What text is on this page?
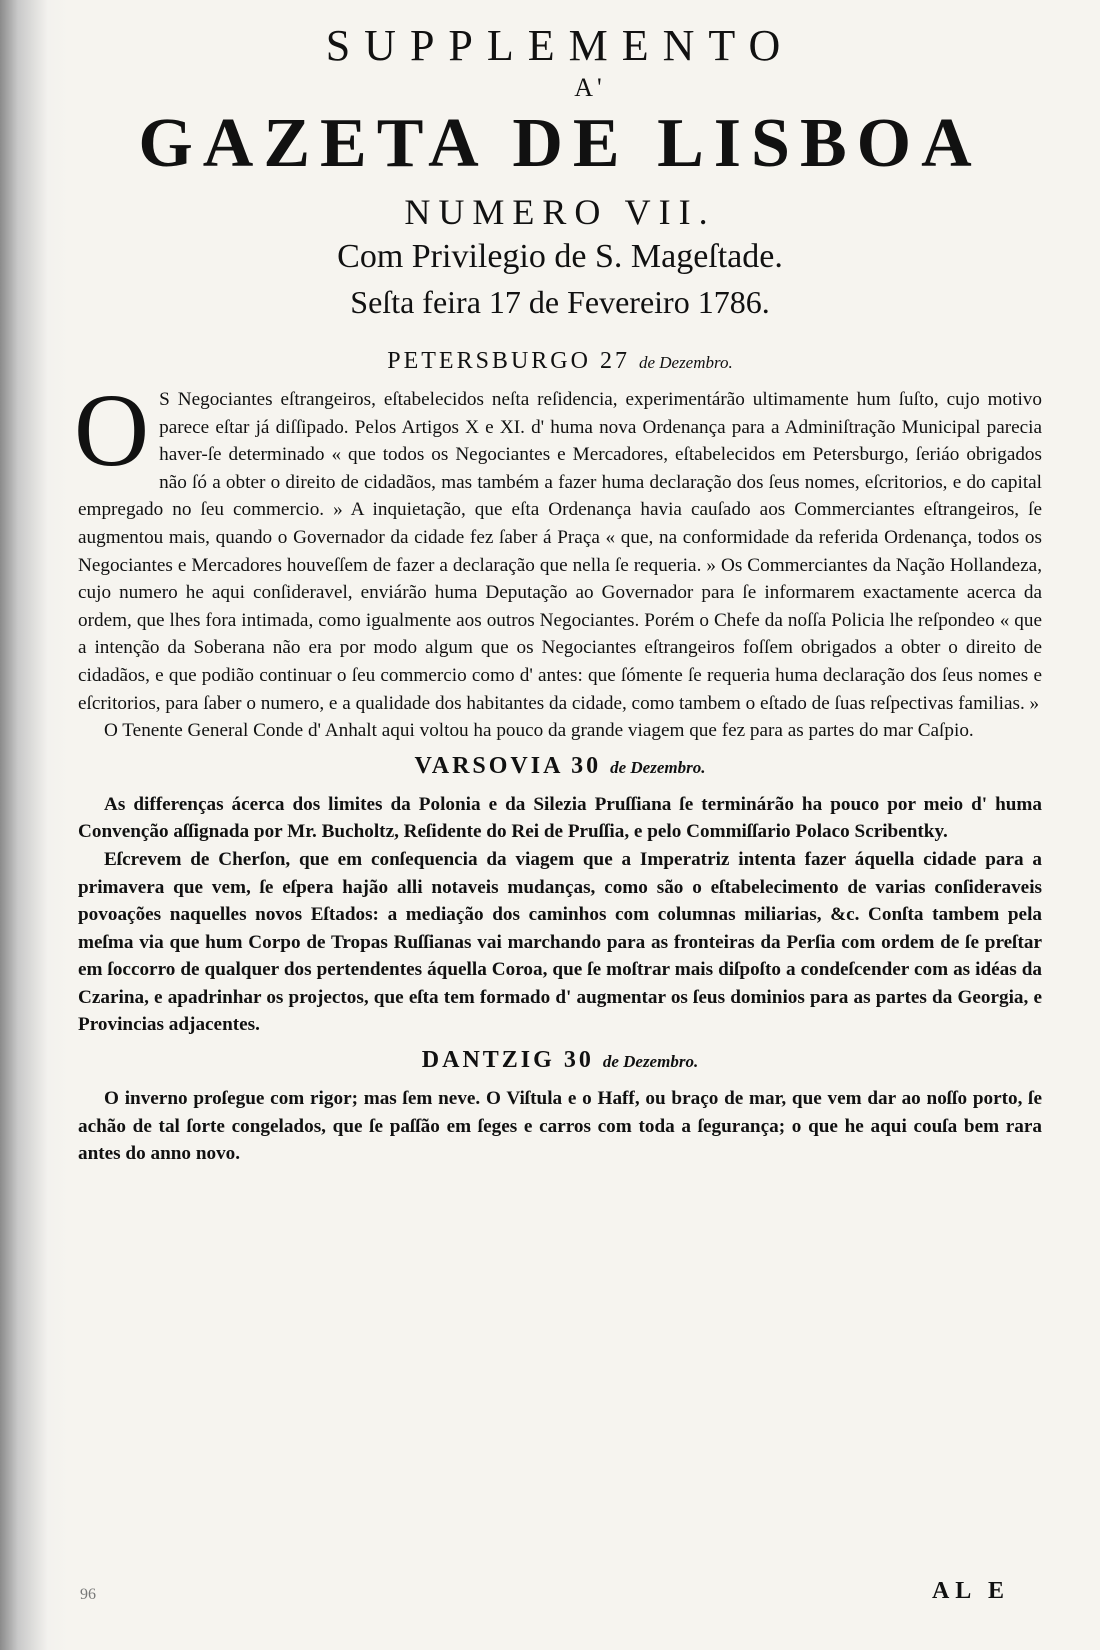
SUPPLEMENTO

A'

GAZETA DE LISBOA

NUMERO VII.

Com Privilegio de S. Mageſtade.

Seſta feira 17 de Fevereiro 1786.

PETERSBURGO 27 de Dezembro.

O S Negociantes eſtrangeiros, eſtabelecidos neſta reſidencia, experimentárão ultimamente hum ſuſto, cujo motivo parece eſtar já diſſipado. Pelos Artigos X e XI. d' huma nova Ordenança para a Adminiſtração Municipal parecia haver-ſe determinado « que todos os Negociantes e Mercadores, eſtabelecidos em Petersburgo, ſeriáo obrigados não ſó a obter o direito de cidadãos, mas também a fazer huma declaração dos ſeus nomes, eſcritorios, e do capital empregado no ſeu commercio. » A inquietação, que eſta Ordenança havia cauſado aos Commerciantes eſtrangeiros, ſe augmentou mais, quando o Governador da cidade fez ſaber á Praça « que, na conformidade da referida Ordenança, todos os Negociantes e Mercadores houveſſem de fazer a declaração que nella ſe requeria. » Os Commerciantes da Nação Hollandeza, cujo numero he aqui conſideravel, enviárão huma Deputação ao Governador para ſe informarem exactamente acerca da ordem, que lhes fora intimada, como igualmente aos outros Negociantes. Porém o Chefe da noſſa Policia lhe reſpondeo « que a intenção da Soberana não era por modo algum que os Negociantes eſtrangeiros foſſem obrigados a obter o direito de cidadãos, e que podião continuar o ſeu commercio como d' antes: que ſómente ſe requeria huma declaração dos ſeus nomes e eſcritorios, para ſaber o numero, e a qualidade dos habitantes da cidade, como tambem o eſtado de ſuas reſpectivas familias. »

O Tenente General Conde d' Anhalt aqui voltou ha pouco da grande viagem que fez para as partes do mar Caſpio.

VARSOVIA 30 de Dezembro.

As differenças ácerca dos limites da Polonia e da Silezia Pruſſiana ſe terminárão ha pouco por meio d' huma Convenção aſſignada por Mr. Bucholtz, Reſidente do Rei de Pruſſia, e pelo Commiſſario Polaco Scribentky.

Eſcrevem de Cherſon, que em conſequencia da viagem que a Imperatriz intenta fazer áquella cidade para a primavera que vem, ſe eſpera hajão alli notaveis mudanças, como são o eſtabelecimento de varias conſideraveis povoações naquelles novos Eſtados: a mediação dos caminhos com columnas miliarias, &c. Conſta tambem pela meſma via que hum Corpo de Tropas Ruſſianas vai marchando para as fronteiras da Perſia com ordem de ſe preſtar em ſoccorro de qualquer dos pertendentes áquella Coroa, que ſe moſtrar mais diſpoſto a condeſcender com as idéas da Czarina, e apadrinhar os projectos, que eſta tem formado d' augmentar os ſeus dominios para as partes da Georgia, e Provincias adjacentes.

DANTZIG 30 de Dezembro.

O inverno proſegue com rigor; mas ſem neve. O Viſtula e o Haff, ou braço de mar, que vem dar ao noſſo porto, ſe achão de tal ſorte congelados, que ſe paſſão em ſeges e carros com toda a ſegurança; o que he aqui couſa bem rara antes do anno novo.

96	AL E
